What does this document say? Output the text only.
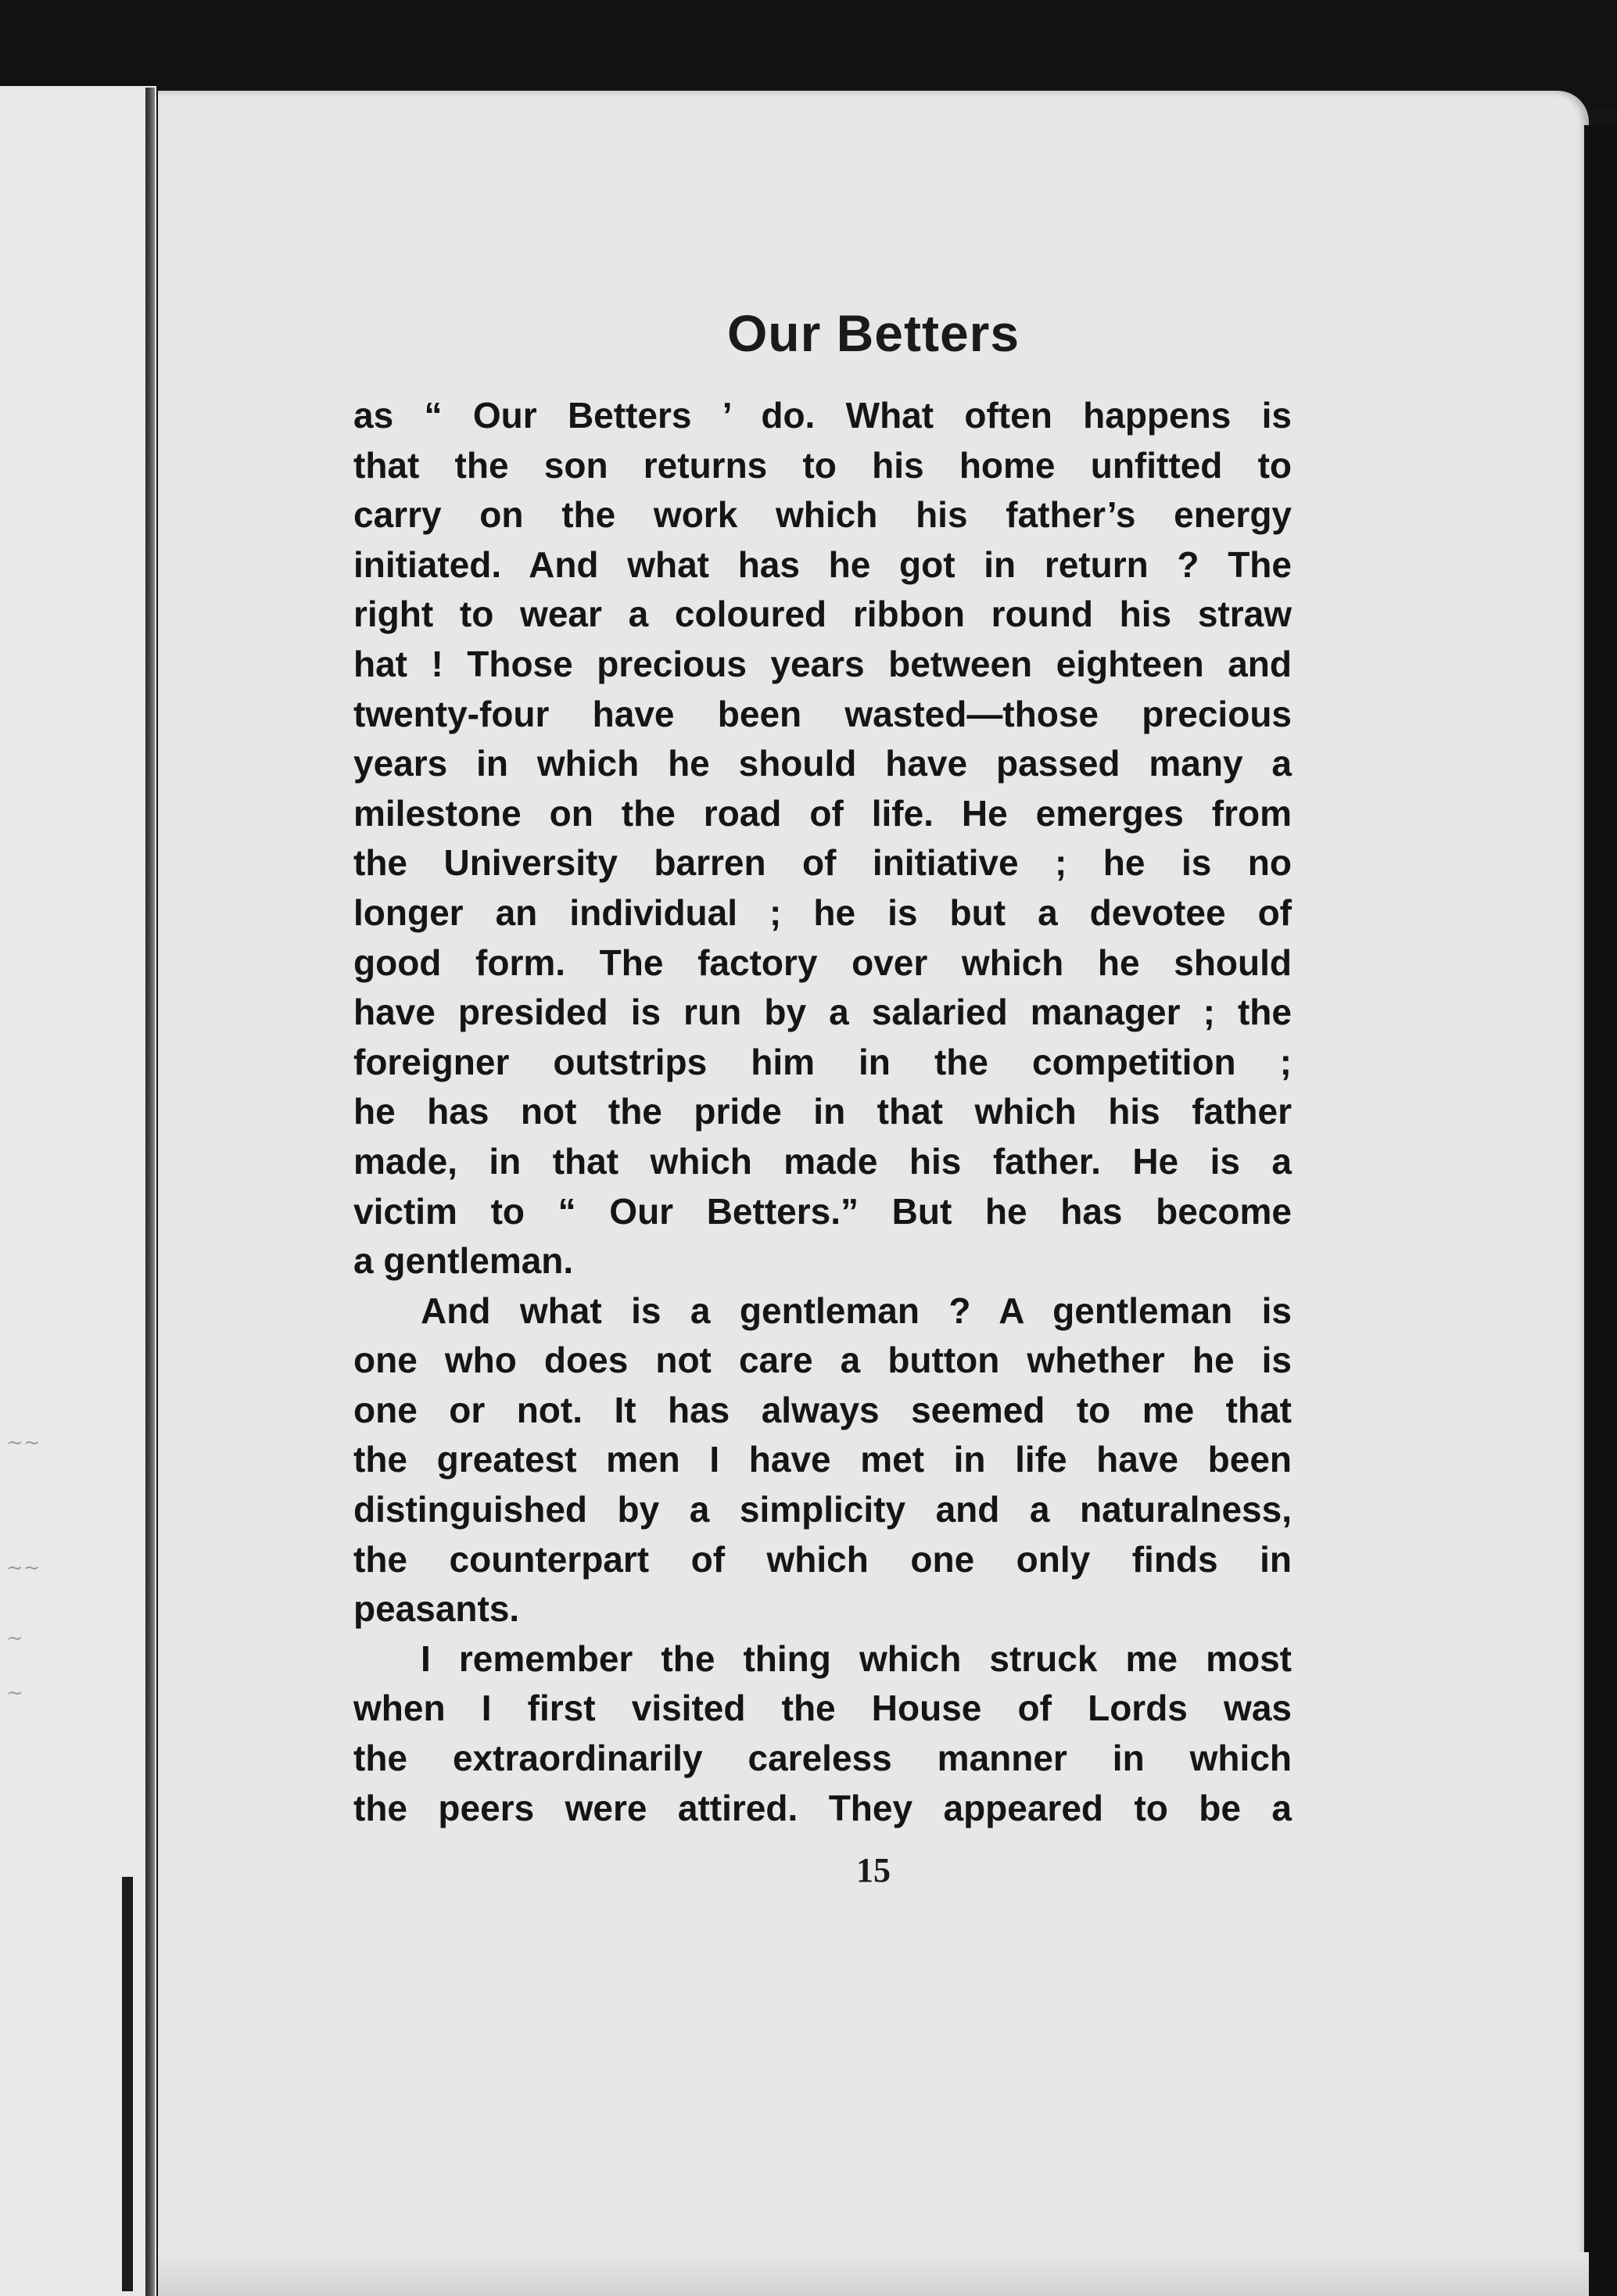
~~
~~
~
~
Our Betters
as “ Our Betters ’ do. What often happens is
that the son returns to his home unfitted to
carry on the work which his father’s energy
initiated. And what has he got in return ? The
right to wear a coloured ribbon round his straw
hat ! Those precious years between eighteen and
twenty-four have been wasted—those precious
years in which he should have passed many a
milestone on the road of life. He emerges from
the University barren of initiative ; he is no
longer an individual ; he is but a devotee of
good form. The factory over which he should
have presided is run by a salaried manager ; the
foreigner outstrips him in the competition ;
he has not the pride in that which his father
made, in that which made his father. He is a
victim to “ Our Betters.” But he has become
a gentleman.
And what is a gentleman ? A gentleman is
one who does not care a button whether he is
one or not. It has always seemed to me that
the greatest men I have met in life have been
distinguished by a simplicity and a naturalness,
the counterpart of which one only finds in
peasants.
I remember the thing which struck me most
when I first visited the House of Lords was
the extraordinarily careless manner in which
the peers were attired. They appeared to be a
15
